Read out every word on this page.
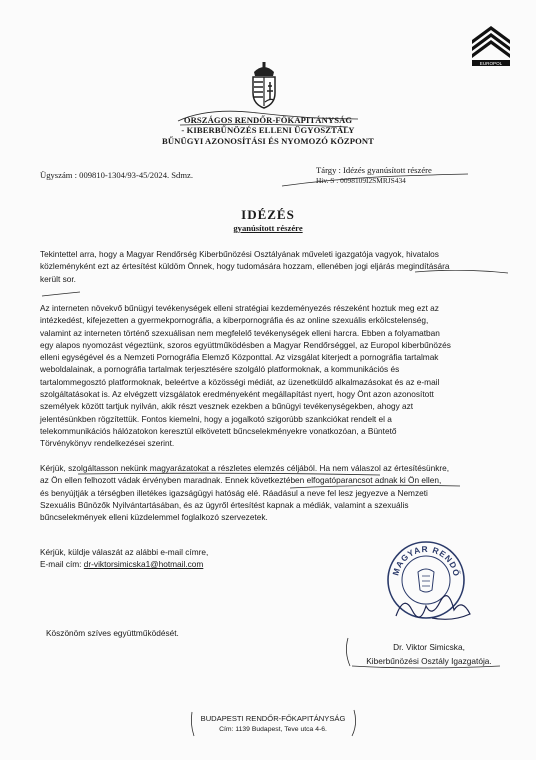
EUROPOL
ORSZÁGOS RENDŐR-FŐKAPITÁNYSÁG
- KIBERBŰNÖZÉS ELLENI ÜGYOSZTÁLY
BŰNÜGYI AZONOSÍTÁSI ÉS NYOMOZÓ KÖZPONT
Ügyszám : 009810-1304/93-45/2024. Sdmz.	Tárgy : Idézés gyanúsított részére
Hiv. S : 0098109I2SMRJS434
IDÉZÉS
gyanúsított részére
Tekintettel arra, hogy a Magyar Rendőrség Kiberbűnözési Osztályának műveleti igazgatója vagyok, hivatalos
közleményként ezt az értesítést küldöm Önnek, hogy tudomására hozzam, ellenében jogi eljárás megindítására
került sor.
Az interneten növekvő bűnügyi tevékenységek elleni stratégiai kezdeményezés részeként hoztuk meg ezt az
intézkedést, kifejezetten a gyermekpornográfia, a kiberpornográfia és az online szexuális erkölcstelenség,
valamint az interneten történő szexuálisan nem megfelelő tevékenységek elleni harcra. Ebben a folyamatban
egy alapos nyomozást végeztünk, szoros együttműködésben a Magyar Rendőrséggel, az Europol kiberbűnözés
elleni egységével és a Nemzeti Pornográfia Elemző Központtal. Az vizsgálat kiterjedt a pornográfia tartalmak
weboldalainak, a pornográfia tartalmak terjesztésére szolgáló platformoknak, a kommunikációs és
tartalommegosztó platformoknak, beleértve a közösségi médiát, az üzenetküldő alkalmazásokat és az e-mail
szolgáltatásokat is. Az elvégzett vizsgálatok eredményeként megállapítást nyert, hogy Önt azon azonosított
személyek között tartjuk nyilván, akik részt vesznek ezekben a bűnügyi tevékenységekben, ahogy azt
jelentésünkben rögzítettük. Fontos kiemelni, hogy a jogalkotó szigorúbb szankciókat rendelt el a
telekommunikációs hálózatokon keresztül elkövetett bűncselekményekre vonatkozóan, a Büntető
Törvénykönyv rendelkezései szerint.
Kérjük, szolgáltasson nekünk magyarázatokat a részletes elemzés céljából. Ha nem válaszol az értesítésünkre,
az Ön ellen felhozott vádak érvényben maradnak. Ennek következtében elfogatóparancsot adnak ki Ön ellen,
és benyújtják a térségben illetékes igazságügyi hatóság elé. Ráadásul a neve fel lesz jegyezve a Nemzeti
Szexuális Bűnözők Nyilvántartásában, és az ügyről értesítést kapnak a médiák, valamint a szexuális
bűncselekmények elleni küzdelemmel foglalkozó szervezetek.
Kérjük, küldje válaszát az alábbi e-mail címre,
E-mail cím: dr-viktorsimicska1@hotmail.com
MAGYAR RENDŐ
Köszönöm szíves együttműködését.
Dr. Viktor Simicska,
Kiberbűnözési Osztály Igazgatója.
BUDAPESTI RENDŐR-FŐKAPITÁNYSÁG
Cím: 1139 Budapest, Teve utca 4-6.
